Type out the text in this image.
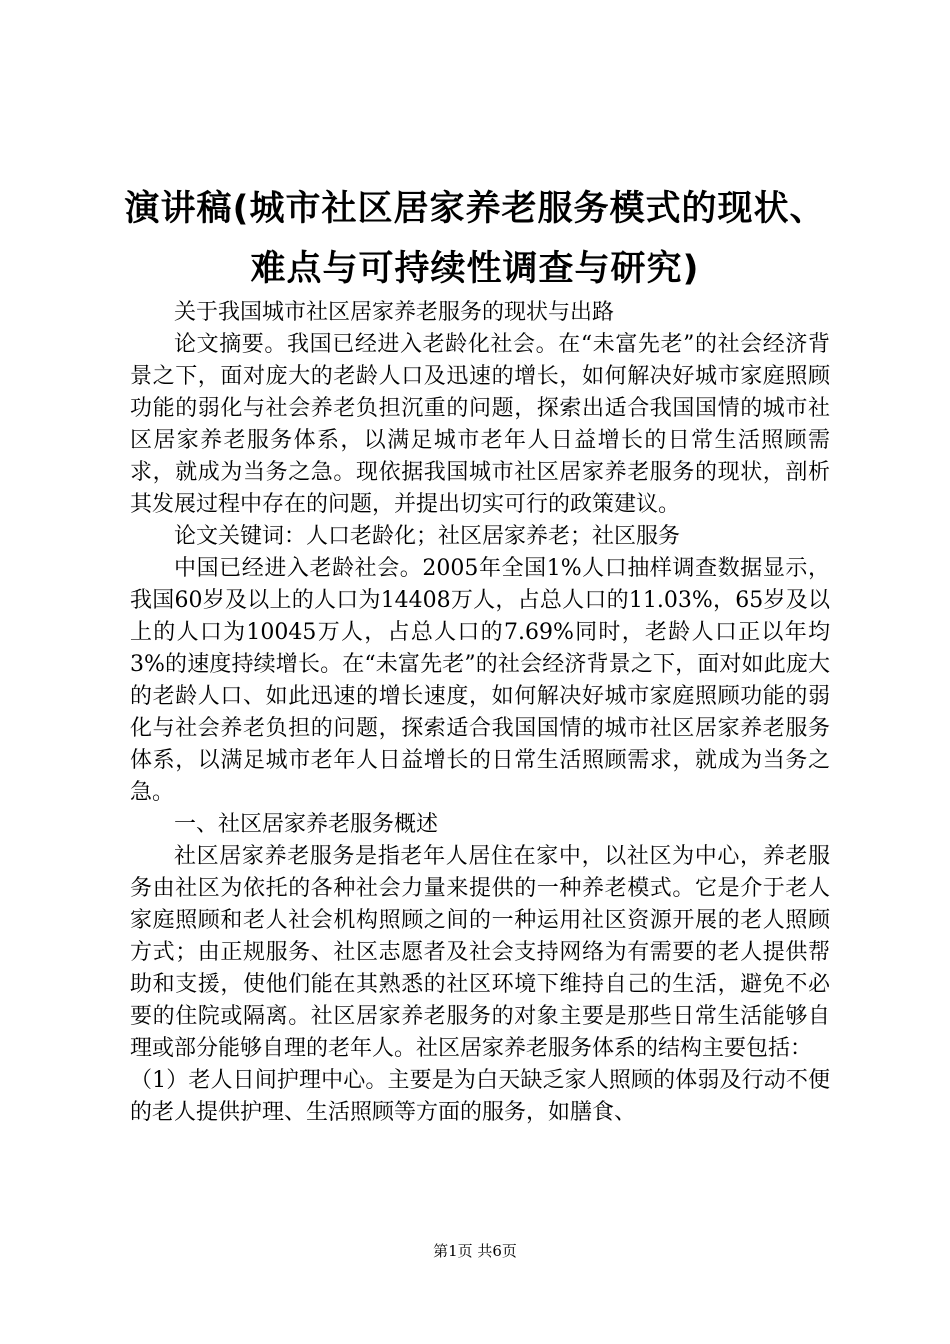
演讲稿(城市社区居家养老服务模式的现状、
难点与可持续性调查与研究)

关于我国城市社区居家养老服务的现状与出路

论文摘要。我国已经进入老龄化社会。在“未富先老”的社会经济背景之下，面对庞大的老龄人口及迅速的增长，如何解决好城市家庭照顾功能的弱化与社会养老负担沉重的问题，探索出适合我国国情的城市社区居家养老服务体系，以满足城市老年人日益增长的日常生活照顾需求，就成为当务之急。现依据我国城市社区居家养老服务的现状，剖析其发展过程中存在的问题，并提出切实可行的政策建议。

论文关键词：人口老龄化；社区居家养老；社区服务

中国已经进入老龄社会。2005年全国1%人口抽样调查数据显示，我国60岁及以上的人口为14408万人，占总人口的11.03%，65岁及以上的人口为10045万人，占总人口的7.69%同时，老龄人口正以年均3%的速度持续增长。在“未富先老”的社会经济背景之下，面对如此庞大的老龄人口、如此迅速的增长速度，如何解决好城市家庭照顾功能的弱化与社会养老负担的问题，探索适合我国国情的城市社区居家养老服务体系，以满足城市老年人日益增长的日常生活照顾需求，就成为当务之急。

一、社区居家养老服务概述

社区居家养老服务是指老年人居住在家中，以社区为中心，养老服务由社区为依托的各种社会力量来提供的一种养老模式。它是介于老人家庭照顾和老人社会机构照顾之间的一种运用社区资源开展的老人照顾方式；由正规服务、社区志愿者及社会支持网络为有需要的老人提供帮助和支援，使他们能在其熟悉的社区环境下维持自己的生活，避免不必要的住院或隔离。社区居家养老服务的对象主要是那些日常生活能够自理或部分能够自理的老年人。社区居家养老服务体系的结构主要包括：

（1）老人日间护理中心。主要是为白天缺乏家人照顾的体弱及行动不便的老人提供护理、生活照顾等方面的服务，如膳食、

第1页 共6页
